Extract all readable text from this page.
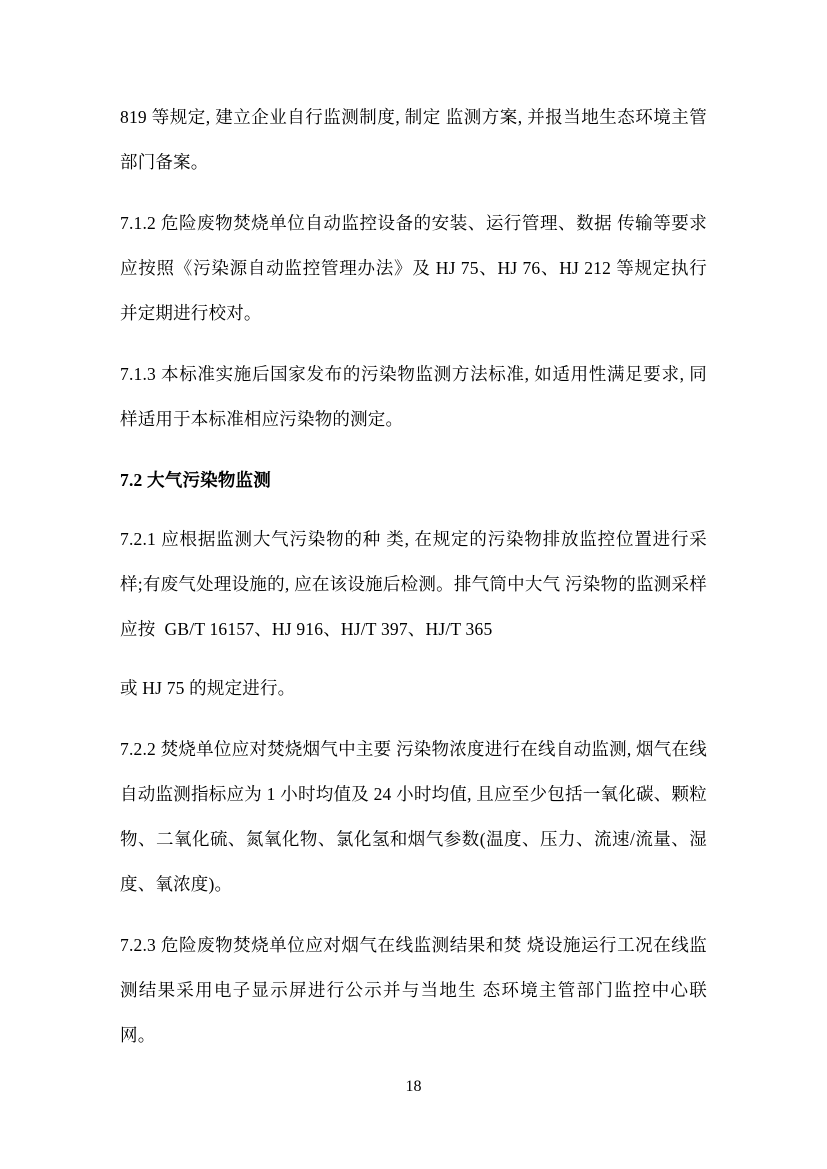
819 等规定, 建立企业自行监测制度, 制定 监测方案, 并报当地生态环境主管部门备案。

7.1.2 危险废物焚烧单位自动监控设备的安装、运行管理、数据 传输等要求应按照《污染源自动监控管理办法》及 HJ 75、HJ 76、HJ 212 等规定执行并定期进行校对。

7.1.3 本标准实施后国家发布的污染物监测方法标准, 如适用性满足要求, 同样适用于本标准相应污染物的测定。

7.2 大气污染物监测

7.2.1 应根据监测大气污染物的种 类, 在规定的污染物排放监控位置进行采样;有废气处理设施的, 应在该设施后检测。排气筒中大气 污染物的监测采样应按  GB/T 16157、HJ 916、HJ/T 397、HJ/T 365

或 HJ 75 的规定进行。

7.2.2 焚烧单位应对焚烧烟气中主要 污染物浓度进行在线自动监测, 烟气在线自动监测指标应为 1 小时均值及 24 小时均值, 且应至少包括一氧化碳、颗粒物、二氧化硫、氮氧化物、氯化氢和烟气参数(温度、压力、流速/流量、湿度、氧浓度)。

7.2.3 危险废物焚烧单位应对烟气在线监测结果和焚 烧设施运行工况在线监测结果采用电子显示屏进行公示并与当地生 态环境主管部门监控中心联网。

18
